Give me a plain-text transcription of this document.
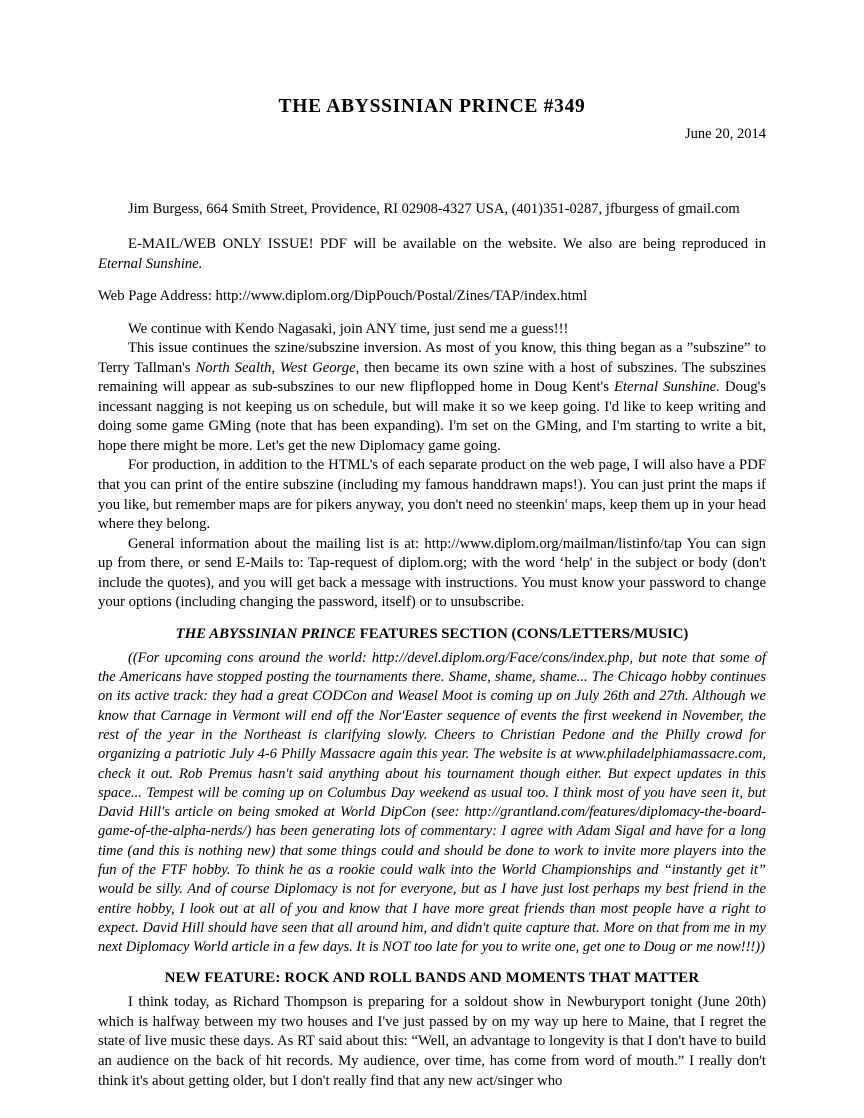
THE ABYSSINIAN PRINCE #349
June 20, 2014
Jim Burgess, 664 Smith Street, Providence, RI 02908-4327 USA, (401)351-0287, jfburgess of gmail.com

E-MAIL/WEB ONLY ISSUE! PDF will be available on the website. We also are being reproduced in Eternal Sunshine.

Web Page Address: http://www.diplom.org/DipPouch/Postal/Zines/TAP/index.html

We continue with Kendo Nagasaki, join ANY time, just send me a guess!!!

This issue continues the szine/subszine inversion. As most of you know, this thing began as a ”subszine” to Terry Tallman's North Sealth, West George, then became its own szine with a host of subszines. The subszines remaining will appear as sub-subszines to our new flipflopped home in Doug Kent's Eternal Sunshine. Doug's incessant nagging is not keeping us on schedule, but will make it so we keep going. I'd like to keep writing and doing some game GMing (note that has been expanding). I'm set on the GMing, and I'm starting to write a bit, hope there might be more. Let's get the new Diplomacy game going.

For production, in addition to the HTML's of each separate product on the web page, I will also have a PDF that you can print of the entire subszine (including my famous handdrawn maps!). You can just print the maps if you like, but remember maps are for pikers anyway, you don't need no steenkin' maps, keep them up in your head where they belong.

General information about the mailing list is at: http://www.diplom.org/mailman/listinfo/tap You can sign up from there, or send E-Mails to: Tap-request of diplom.org; with the word ‘help' in the subject or body (don't include the quotes), and you will get back a message with instructions. You must know your password to change your options (including changing the password, itself) or to unsubscribe.

THE ABYSSINIAN PRINCE FEATURES SECTION (CONS/LETTERS/MUSIC)

((For upcoming cons around the world: http://devel.diplom.org/Face/cons/index.php, but note that some of the Americans have stopped posting the tournaments there. Shame, shame, shame... The Chicago hobby continues on its active track: they had a great CODCon and Weasel Moot is coming up on July 26th and 27th. Although we know that Carnage in Vermont will end off the Nor'Easter sequence of events the first weekend in November, the rest of the year in the Northeast is clarifying slowly. Cheers to Christian Pedone and the Philly crowd for organizing a patriotic July 4-6 Philly Massacre again this year. The website is at www.philadelphiamassacre.com, check it out. Rob Premus hasn't said anything about his tournament though either. But expect updates in this space... Tempest will be coming up on Columbus Day weekend as usual too. I think most of you have seen it, but David Hill's article on being smoked at World DipCon (see: http://grantland.com/features/diplomacy-the-board-game-of-the-alpha-nerds/) has been generating lots of commentary: I agree with Adam Sigal and have for a long time (and this is nothing new) that some things could and should be done to work to invite more players into the fun of the FTF hobby. To think he as a rookie could walk into the World Championships and “instantly get it” would be silly. And of course Diplomacy is not for everyone, but as I have just lost perhaps my best friend in the entire hobby, I look out at all of you and know that I have more great friends than most people have a right to expect. David Hill should have seen that all around him, and didn't quite capture that. More on that from me in my next Diplomacy World article in a few days. It is NOT too late for you to write one, get one to Doug or me now!!!))

NEW FEATURE: ROCK AND ROLL BANDS AND MOMENTS THAT MATTER

I think today, as Richard Thompson is preparing for a soldout show in Newburyport tonight (June 20th) which is halfway between my two houses and I've just passed by on my way up here to Maine, that I regret the state of live music these days. As RT said about this: “Well, an advantage to longevity is that I don't have to build an audience on the back of hit records. My audience, over time, has come from word of mouth.” I really don't think it's about getting older, but I don't really find that any new act/singer who
